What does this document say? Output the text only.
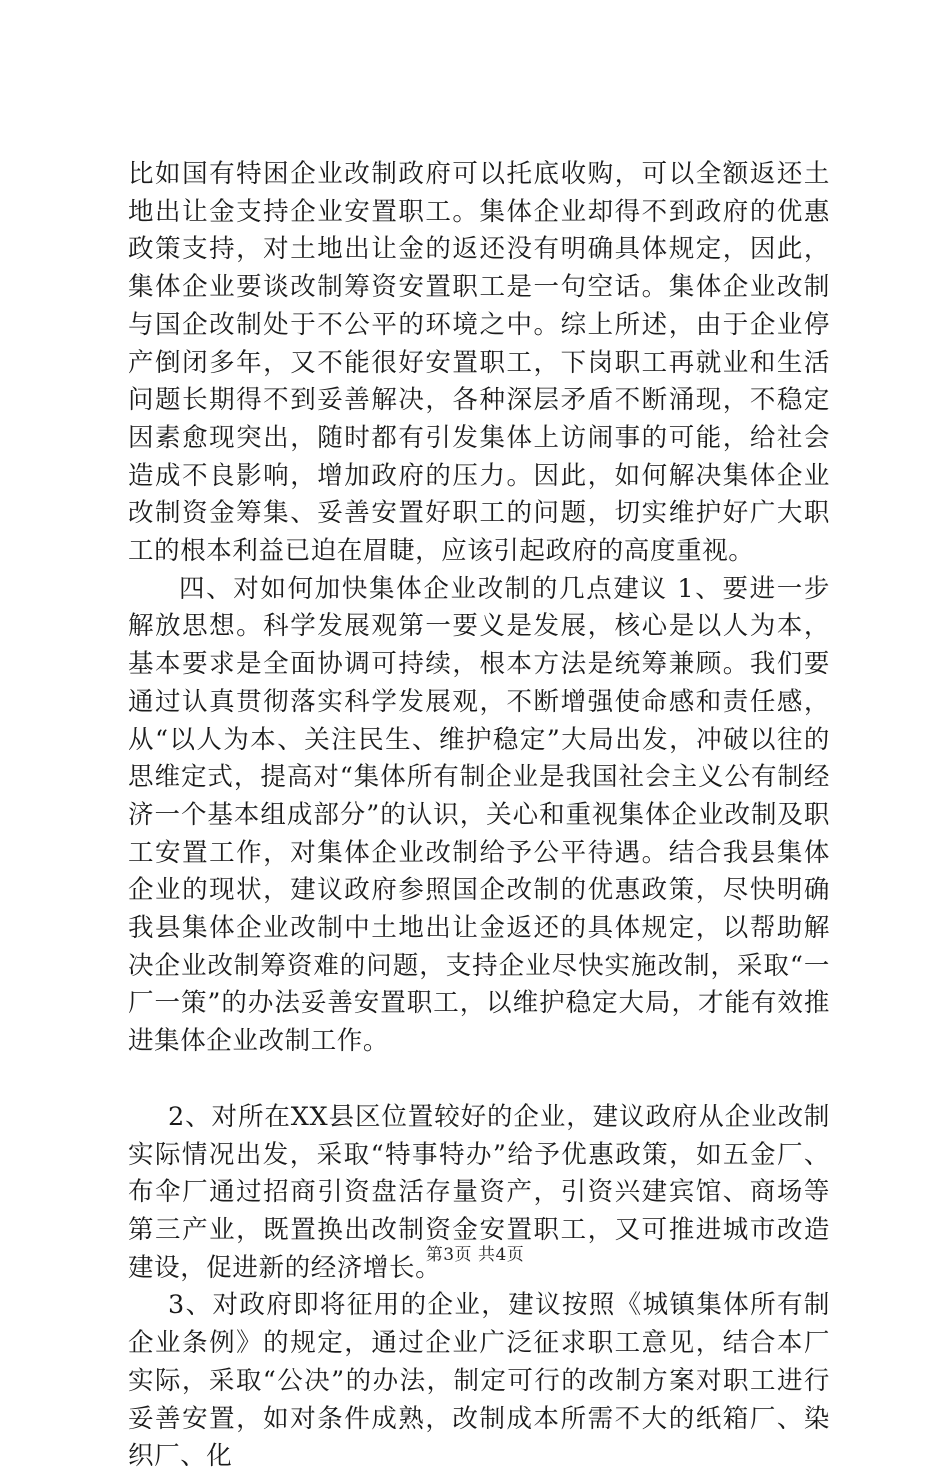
比如国有特困企业改制政府可以托底收购，可以全额返还土地出让金支持企业安置职工。集体企业却得不到政府的优惠政策支持，对土地出让金的返还没有明确具体规定，因此，集体企业要谈改制筹资安置职工是一句空话。集体企业改制与国企改制处于不公平的环境之中。综上所述，由于企业停产倒闭多年，又不能很好安置职工，下岗职工再就业和生活问题长期得不到妥善解决，各种深层矛盾不断涌现，不稳定因素愈现突出，随时都有引发集体上访闹事的可能，给社会造成不良影响，增加政府的压力。因此，如何解决集体企业改制资金筹集、妥善安置好职工的问题，切实维护好广大职工的根本利益已迫在眉睫，应该引起政府的高度重视。

四、对如何加快集体企业改制的几点建议 1、要进一步解放思想。科学发展观第一要义是发展，核心是以人为本，基本要求是全面协调可持续，根本方法是统筹兼顾。我们要通过认真贯彻落实科学发展观，不断增强使命感和责任感，从“以人为本、关注民生、维护稳定”大局出发，冲破以往的思维定式，提高对“集体所有制企业是我国社会主义公有制经济一个基本组成部分”的认识，关心和重视集体企业改制及职工安置工作，对集体企业改制给予公平待遇。结合我县集体企业的现状，建议政府参照国企改制的优惠政策，尽快明确我县集体企业改制中土地出让金返还的具体规定，以帮助解决企业改制筹资难的问题，支持企业尽快实施改制，采取“一厂一策”的办法妥善安置职工，以维护稳定大局，才能有效推进集体企业改制工作。

2、对所在XX县区位置较好的企业，建议政府从企业改制实际情况出发，采取“特事特办”给予优惠政策，如五金厂、布伞厂通过招商引资盘活存量资产，引资兴建宾馆、商场等第三产业，既置换出改制资金安置职工，又可推进城市改造建设，促进新的经济增长。

3、对政府即将征用的企业，建议按照《城镇集体所有制企业条例》的规定，通过企业广泛征求职工意见，结合本厂实际，采取“公决”的办法，制定可行的改制方案对职工进行妥善安置，如对条件成熟，改制成本所需不大的纸箱厂、染织厂、化

第3页 共4页
